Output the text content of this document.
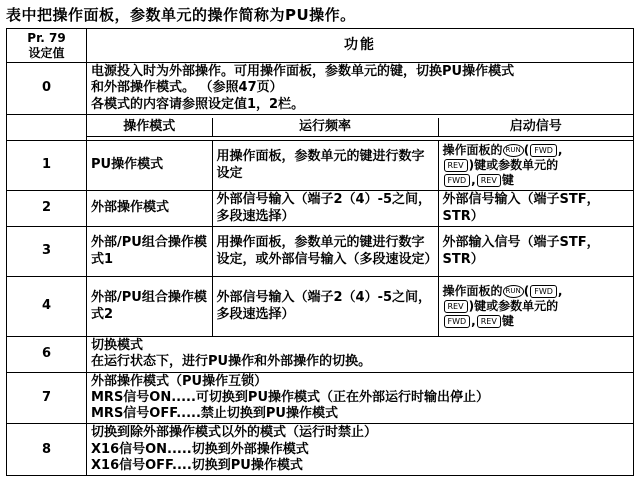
表中把操作面板，参数单元的操作简称为PU操作。
Pr. 79
设定值	功能
0	
电源投入时为外部操作。可用操作面板，参数单元的键，切换PU操作模式
和外部操作模式。 （参照47页）
各模式的内容请参照设定值1，2栏。

操作模式	运行频率	启动信号

1		PU操作模式	用操作面板，参数单元的键进行数字设定	操作面板的 RUN ( FWD ,
REV )键或参数单元的
FWD , REV 键

2		外部操作模式	外部信号输入（端子2（4）-5之间，多段速选择）	外部信号输入（端子STF，STR）

3	
外部/PU组合操作模式1	用操作面板，参数单元的键进行数字设定，或外部信号输入（多段速设定）	外部输入信号（端子STF，STR）

4	
外部/PU组合操作模式2	外部信号输入（端子2（4）-5之间，多段速选择）	操作面板的 RUN ( FWD ,
REV )键或参数单元的
FWD , REV 键

6	
切换模式
在运行状态下，进行PU操作和外部操作的切换。

7	
外部操作模式（PU操作互锁）
MRS信号ON.....可切换到PU操作模式（正在外部运行时输出停止）
MRS信号OFF.....禁止切换到PU操作模式

8	
切换到除外部操作模式以外的模式（运行时禁止）
X16信号ON.....切换到外部操作模式
X16信号OFF....切换到PU操作模式
